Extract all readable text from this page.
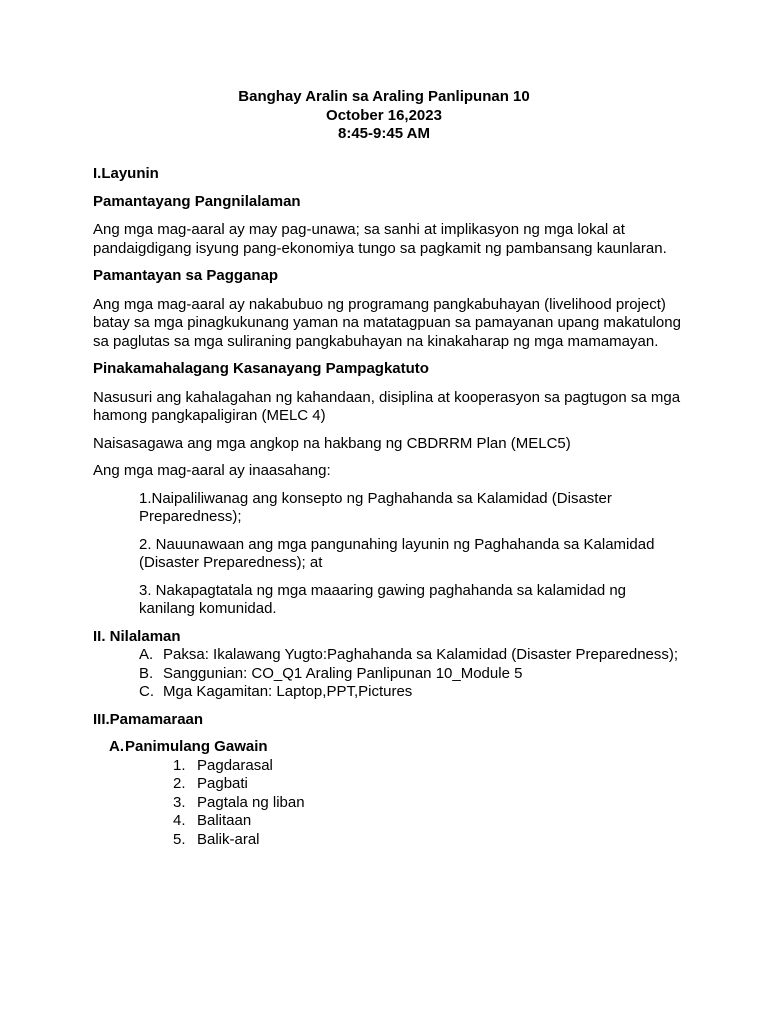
Banghay Aralin sa Araling Panlipunan 10
October 16,2023
8:45-9:45 AM

I.Layunin

Pamantayang Pangnilalaman

Ang mga mag-aaral ay may pag-unawa; sa sanhi at implikasyon ng mga lokal at pandaigdigang isyung pang-ekonomiya tungo sa pagkamit ng pambansang kaunlaran.

Pamantayan sa Pagganap

Ang mga mag-aaral ay nakabubuo ng programang pangkabuhayan (livelihood project) batay sa mga pinagkukunang yaman na matatagpuan sa pamayanan upang makatulong sa paglutas sa mga suliraning pangkabuhayan na kinakaharap ng mga mamamayan.

Pinakamahalagang Kasanayang Pampagkatuto

Nasusuri ang kahalagahan ng kahandaan, disiplina at kooperasyon sa pagtugon sa mga hamong pangkapaligiran (MELC 4)

Naisasagawa ang mga angkop na hakbang ng CBDRRM Plan (MELC5)

Ang mga mag-aaral ay inaasahang:

1.Naipaliliwanag ang konsepto ng Paghahanda sa Kalamidad (Disaster Preparedness);

2. Nauunawaan ang mga pangunahing layunin ng Paghahanda sa Kalamidad (Disaster Preparedness); at

3. Nakapagtatala ng mga maaaring gawing paghahanda sa kalamidad ng kanilang komunidad.

II. Nilalaman

A. Paksa: Ikalawang Yugto:Paghahanda sa Kalamidad (Disaster Preparedness);
B. Sanggunian: CO_Q1 Araling Panlipunan 10_Module 5
C. Mga Kagamitan: Laptop,PPT,Pictures

III.Pamamaraan

A. Panimulang Gawain

1. Pagdarasal
2. Pagbati
3. Pagtala ng liban
4. Balitaan
5. Balik-aral
